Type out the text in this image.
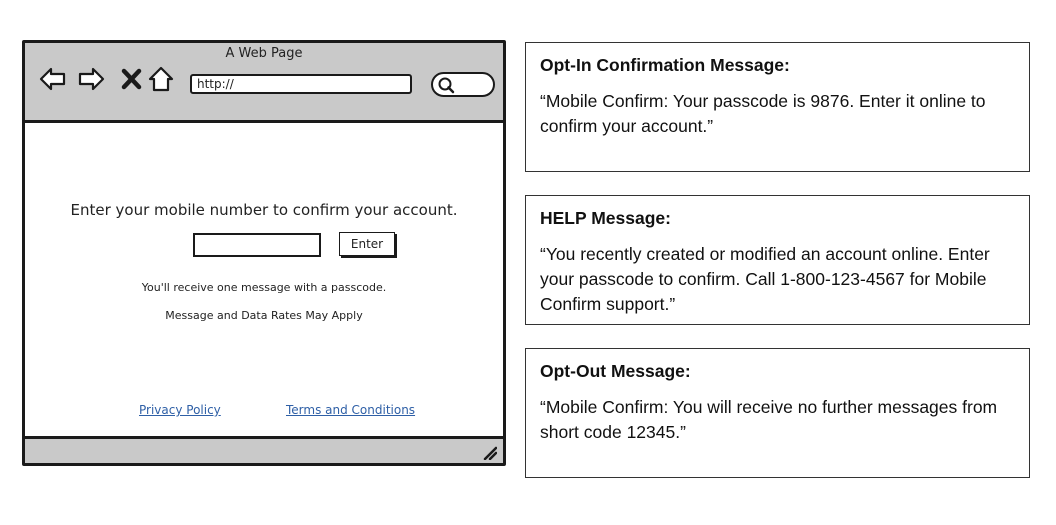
A Web Page
http://
Enter your mobile number to confirm your account.
Enter
You'll receive one message with a passcode.
Message and Data Rates May Apply
Privacy Policy	Terms and Conditions

Opt-In Confirmation Message:

“Mobile Confirm: Your passcode is 9876. Enter it online to confirm your account.”

HELP Message:

“You recently created or modified an account online. Enter your passcode to confirm. Call 1-800-123-4567 for Mobile Confirm support.”

Opt-Out Message:

“Mobile Confirm: You will receive no further messages from short code 12345.”
